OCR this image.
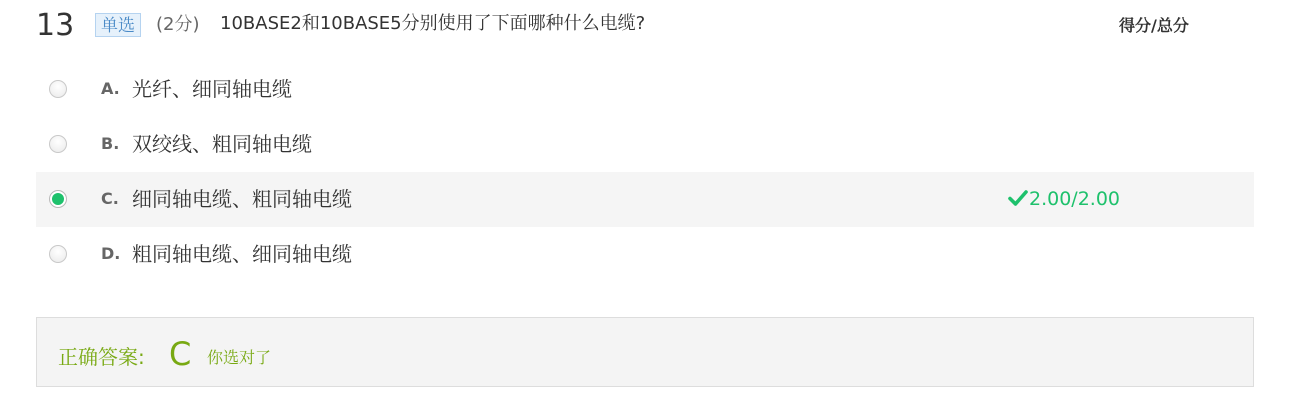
13	单选	(2分) 10BASE2和10BASE5分别使用了下面哪种什么电缆?	得分/总分
A. 光纤、细同轴电缆
B. 双绞线、粗同轴电缆
C. 细同轴电缆、粗同轴电缆	2.00/2.00
D. 粗同轴电缆、细同轴电缆
正确答案: C 你选对了
